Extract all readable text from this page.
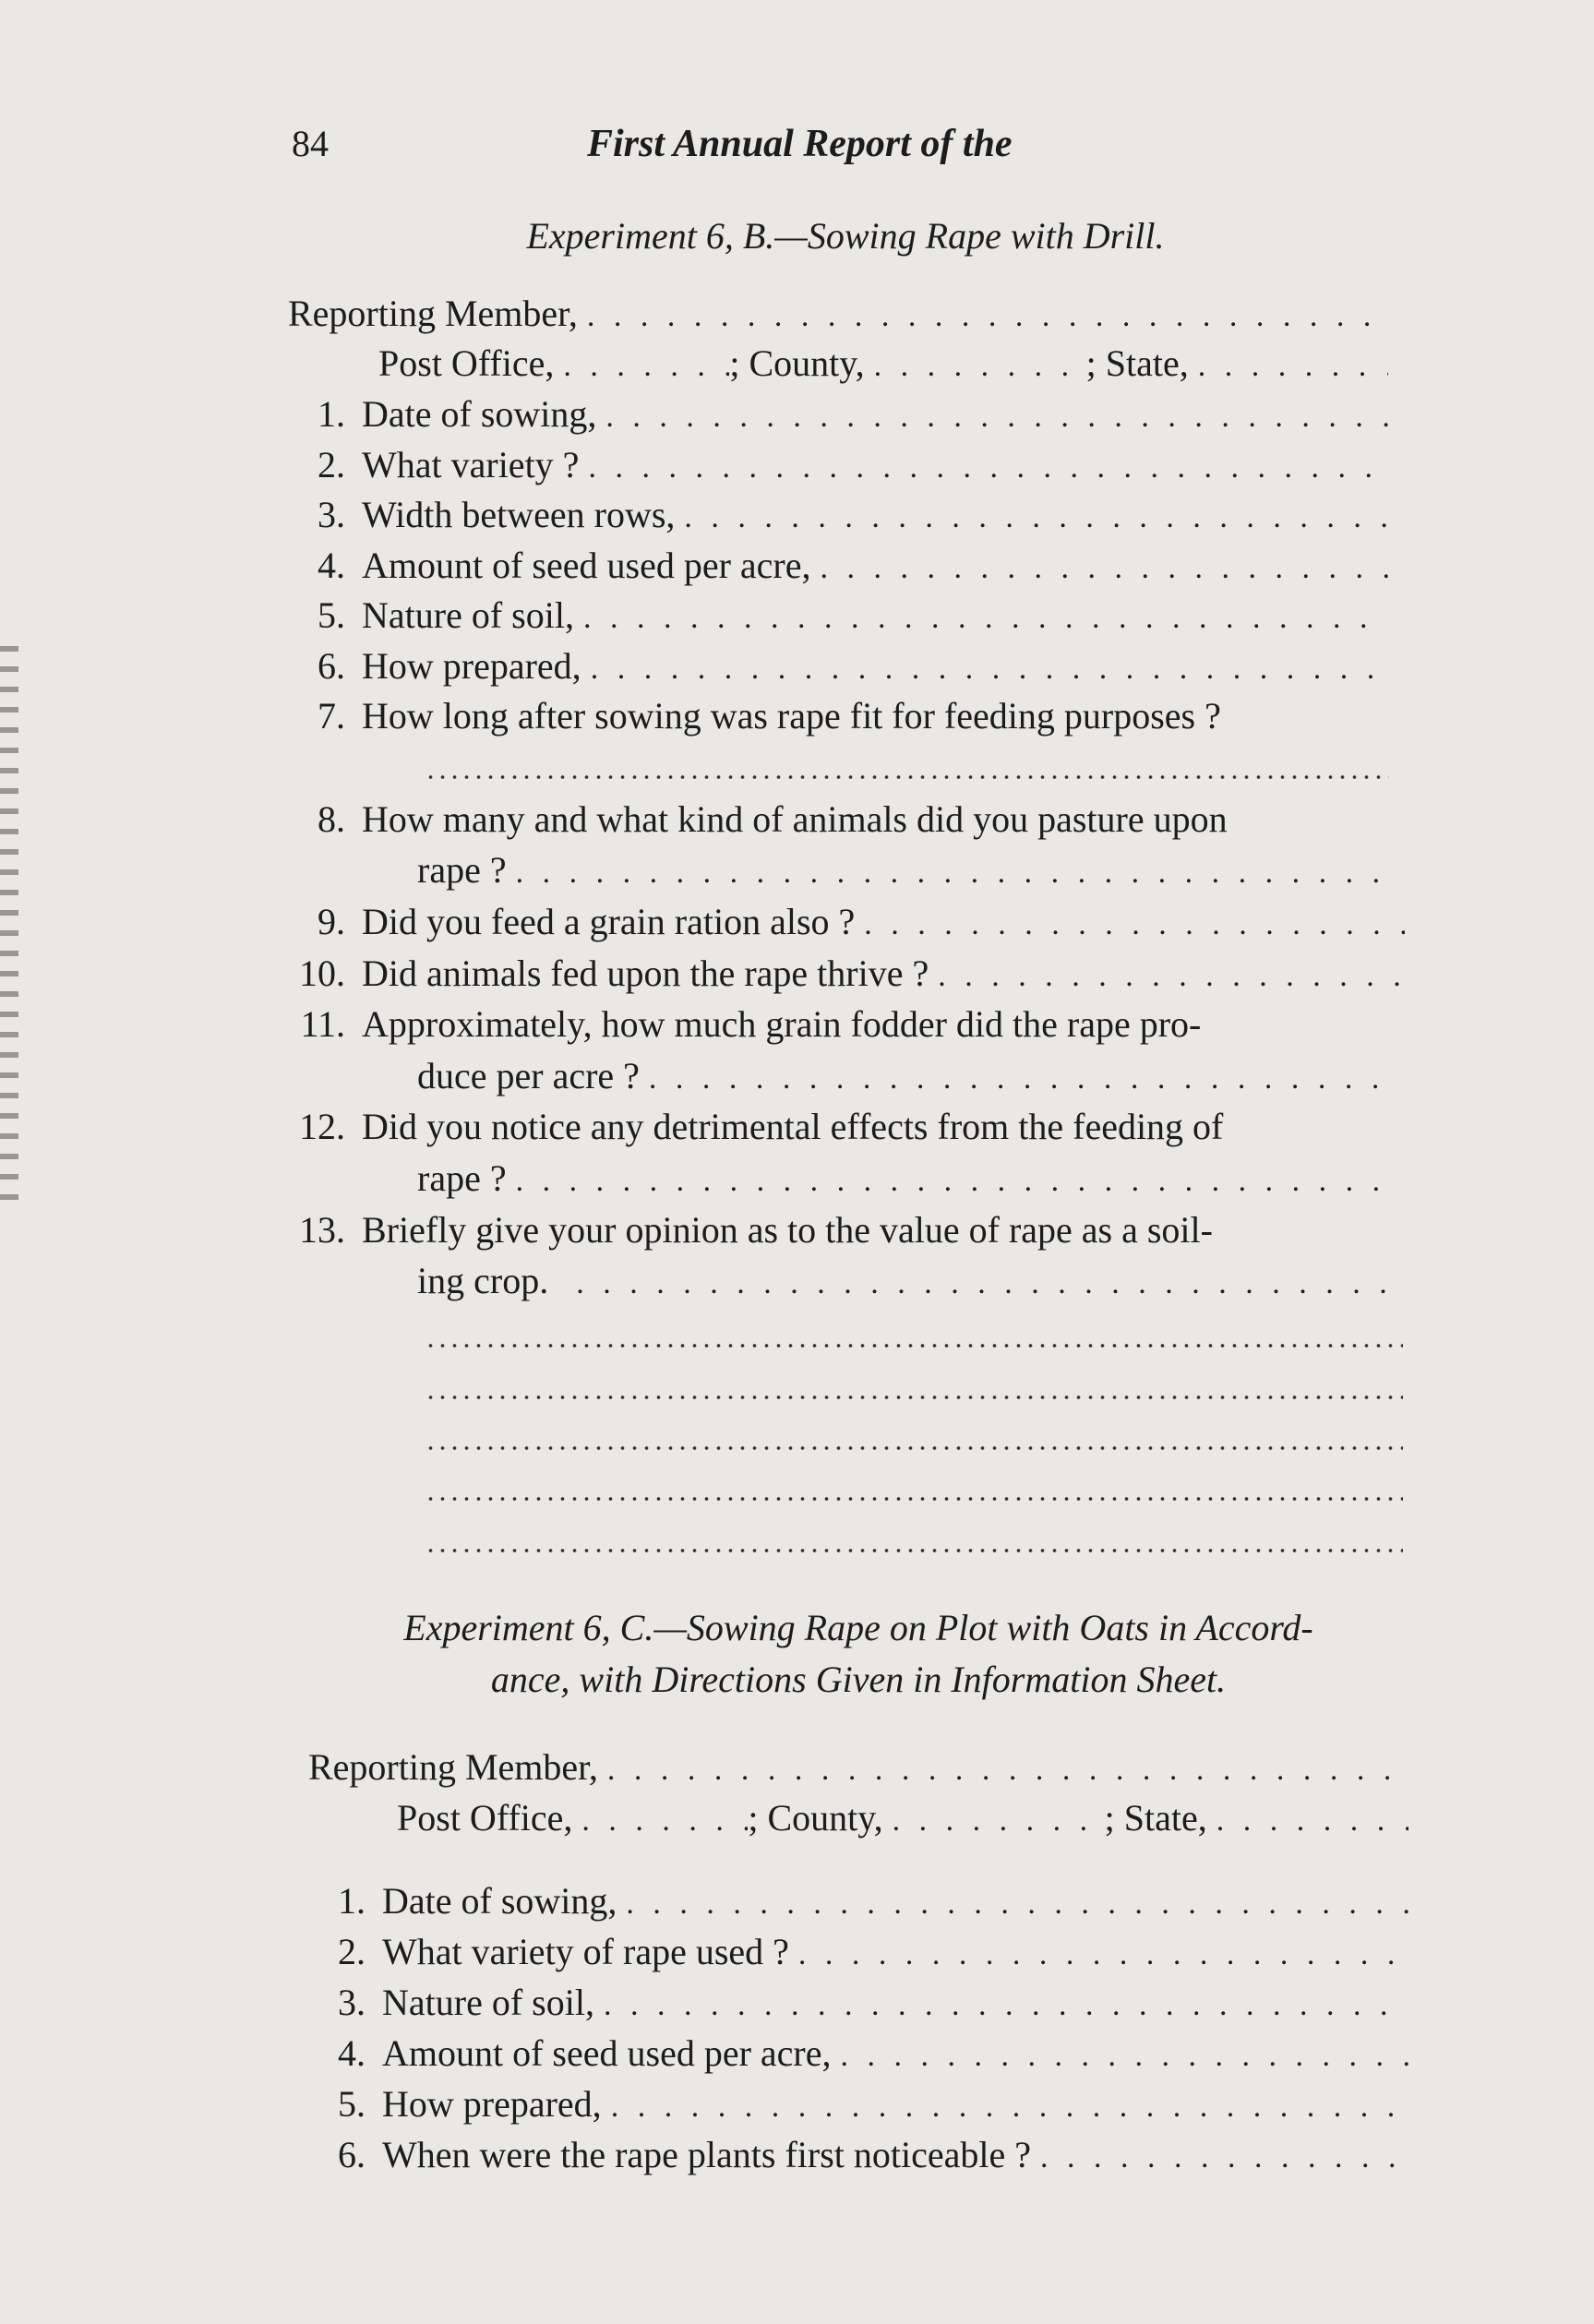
84	First Annual Report of the
Experiment 6, B.—Sowing Rape with Drill.
Reporting Member,
. . .
Post Office, . . .	; County, . . .	; State,
. . .
1. Date of sowing,
. . .
2. What variety ?
. . .
3. Width between rows,
. . .
4. Amount of seed used per acre,
. . .
5. Nature of soil,
. . .
6. How prepared,
. . .
7. How long after sowing was rape fit for feeding purposes ?
8. How many and what kind of animals did you pasture upon
rape ?
. . .
9. Did you feed a grain ration also ?
. . .
10. Did animals fed upon the rape thrive ?
. . .
11. Approximately, how much grain fodder did the rape pro-
duce per acre ?
. . .
12. Did you notice any detrimental effects from the feeding of
rape ?
. . .
13. Briefly give your opinion as to the value of rape as a soil-
ing crop.
. . .
Experiment 6, C.—Sowing Rape on Plot with Oats in Accord-
ance, with Directions Given in Information Sheet.
Reporting Member,
. . .
Post Office, . . .	; County, . . .	; State,
. . .
1. Date of sowing,
. . .
2. What variety of rape used ?
. . .
3. Nature of soil,
. . .
4. Amount of seed used per acre,
. . .
5. How prepared,
. . .
6. When were the rape plants first noticeable ?
. . .
